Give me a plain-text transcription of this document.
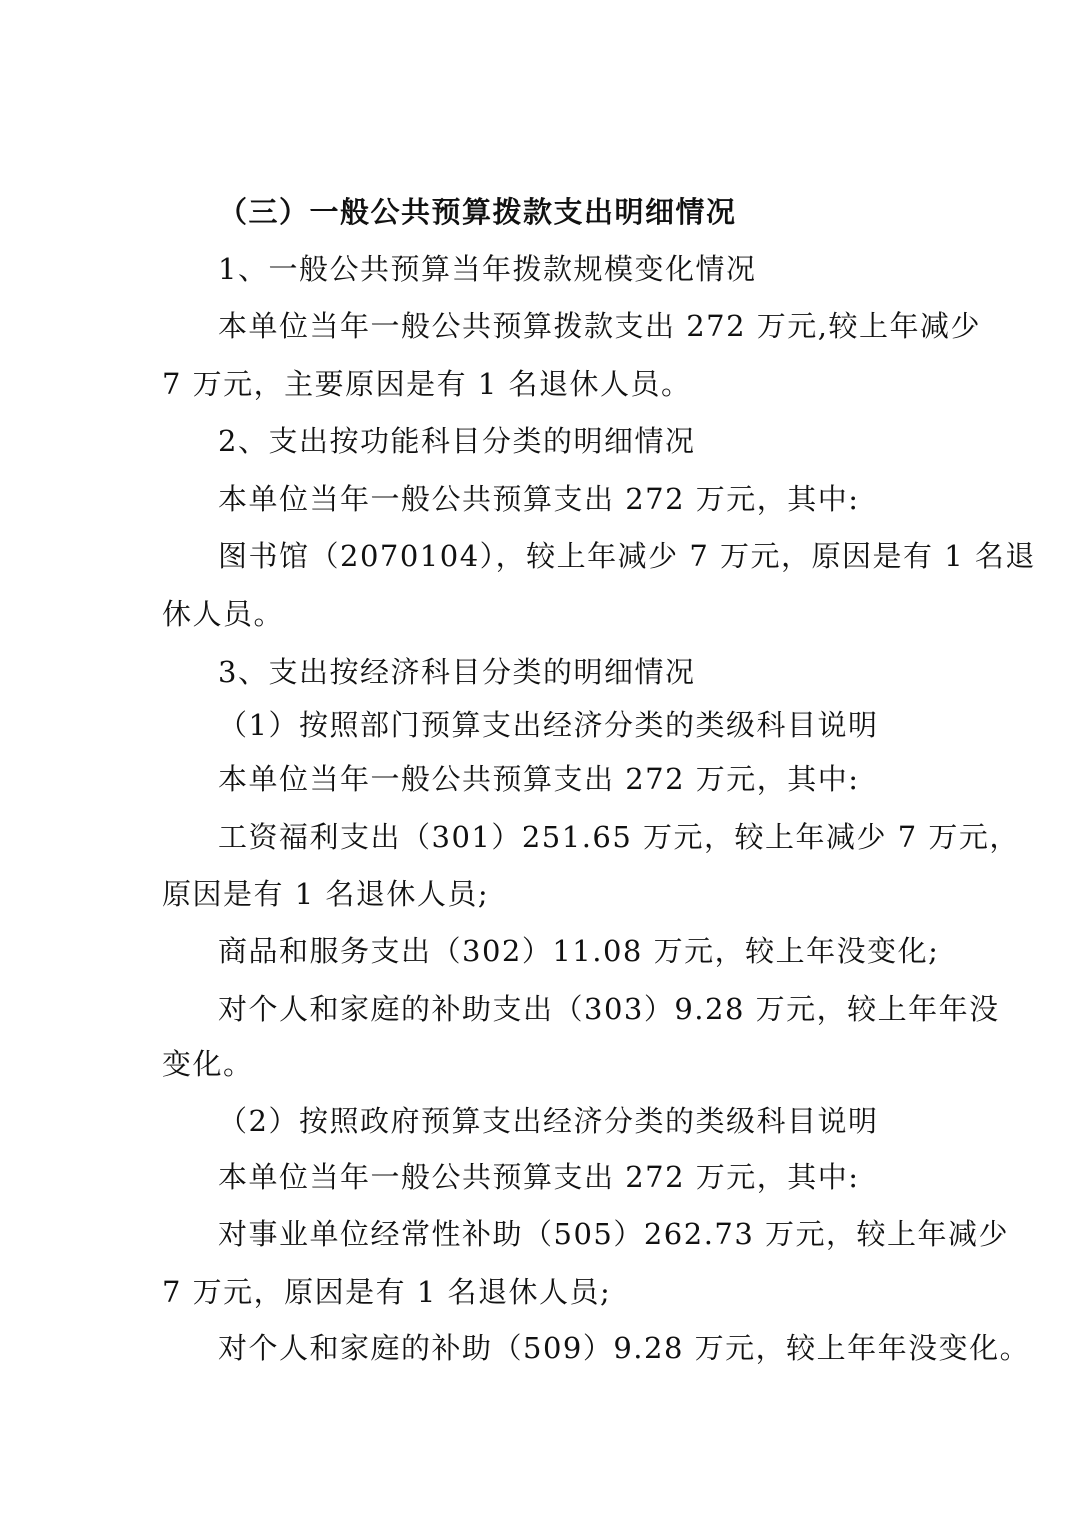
（三）一般公共预算拨款支出明细情况
1、一般公共预算当年拨款规模变化情况
本单位当年一般公共预算拨款支出 272 万元,较上年减少
7 万元，主要原因是有 1 名退休人员。
2、支出按功能科目分类的明细情况
本单位当年一般公共预算支出 272 万元，其中:
图书馆（2070104），较上年减少 7 万元，原因是有 1 名退
休人员。
3、支出按经济科目分类的明细情况
（1）按照部门预算支出经济分类的类级科目说明
本单位当年一般公共预算支出 272 万元，其中:
工资福利支出（301）251.65 万元，较上年减少 7 万元，
原因是有 1 名退休人员;
商品和服务支出（302）11.08 万元，较上年没变化;
对个人和家庭的补助支出（303）9.28 万元，较上年年没
变化。
（2）按照政府预算支出经济分类的类级科目说明
本单位当年一般公共预算支出 272 万元，其中:
对事业单位经常性补助（505）262.73 万元，较上年减少
7 万元，原因是有 1 名退休人员;
对个人和家庭的补助（509）9.28 万元，较上年年没变化。
